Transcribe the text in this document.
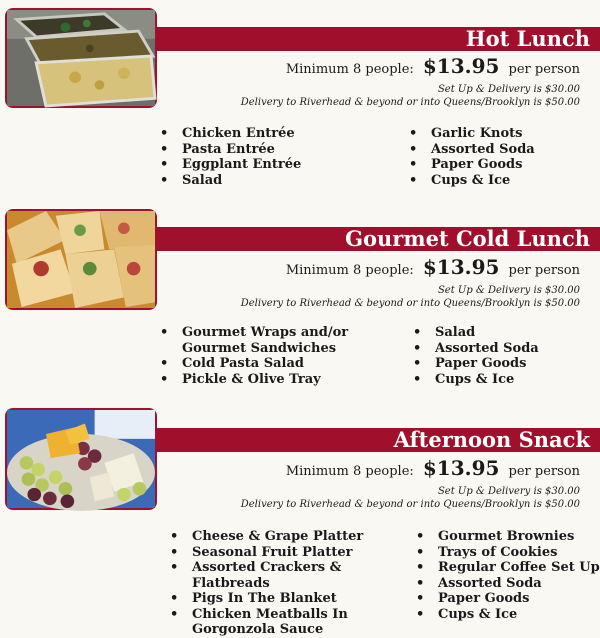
Hot Lunch
Minimum 8 people: $13.95 per person
Set Up & Delivery is $30.00
Delivery to Riverhead & beyond or into Queens/Brooklyn is $50.00
• Chicken Entrée
• Pasta Entrée
• Eggplant Entrée
• Salad
• Garlic Knots
• Assorted Soda
• Paper Goods
• Cups & Ice
Gourmet Cold Lunch
Minimum 8 people: $13.95 per person
Set Up & Delivery is $30.00
Delivery to Riverhead & beyond or into Queens/Brooklyn is $50.00
• Gourmet Wraps and/or
Gourmet Sandwiches
• Cold Pasta Salad
• Pickle & Olive Tray
• Salad
• Assorted Soda
• Paper Goods
• Cups & Ice
Afternoon Snack
Minimum 8 people: $13.95 per person
Set Up & Delivery is $30.00
Delivery to Riverhead & beyond or into Queens/Brooklyn is $50.00
• Cheese & Grape Platter
• Seasonal Fruit Platter
• Assorted Crackers & Flatbreads
• Pigs In The Blanket
• Chicken Meatballs In Gorgonzola Sauce
• Gourmet Brownies
• Trays of Cookies
• Regular Coffee Set Up
• Assorted Soda
• Paper Goods
• Cups & Ice
